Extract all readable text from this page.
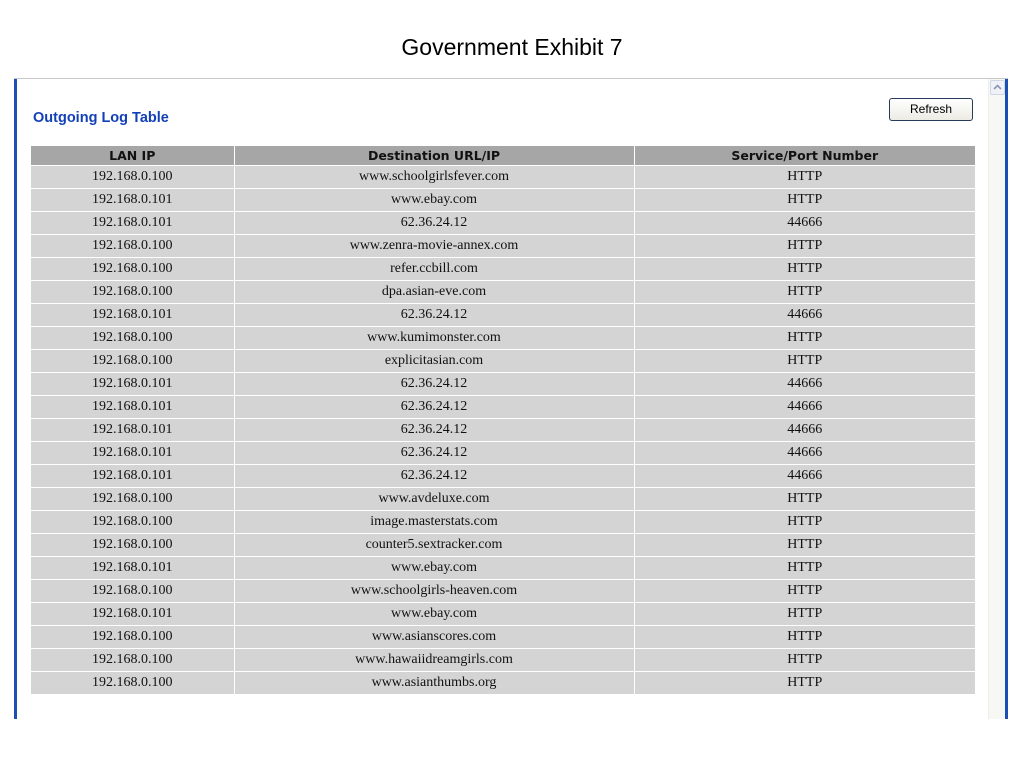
Government Exhibit 7
Outgoing Log Table
Refresh
LAN IP	Destination URL/IP	Service/Port Number
192.168.0.100	www.schoolgirlsfever.com	HTTP
192.168.0.101	www.ebay.com	HTTP
192.168.0.101	62.36.24.12	44666
192.168.0.100	www.zenra-movie-annex.com	HTTP
192.168.0.100	refer.ccbill.com	HTTP
192.168.0.100	dpa.asian-eve.com	HTTP
192.168.0.101	62.36.24.12	44666
192.168.0.100	www.kumimonster.com	HTTP
192.168.0.100	explicitasian.com	HTTP
192.168.0.101	62.36.24.12	44666
192.168.0.101	62.36.24.12	44666
192.168.0.101	62.36.24.12	44666
192.168.0.101	62.36.24.12	44666
192.168.0.101	62.36.24.12	44666
192.168.0.100	www.avdeluxe.com	HTTP
192.168.0.100	image.masterstats.com	HTTP
192.168.0.100	counter5.sextracker.com	HTTP
192.168.0.101	www.ebay.com	HTTP
192.168.0.100	www.schoolgirls-heaven.com	HTTP
192.168.0.101	www.ebay.com	HTTP
192.168.0.100	www.asianscores.com	HTTP
192.168.0.100	www.hawaiidreamgirls.com	HTTP
192.168.0.100	www.asianthumbs.org	HTTP
